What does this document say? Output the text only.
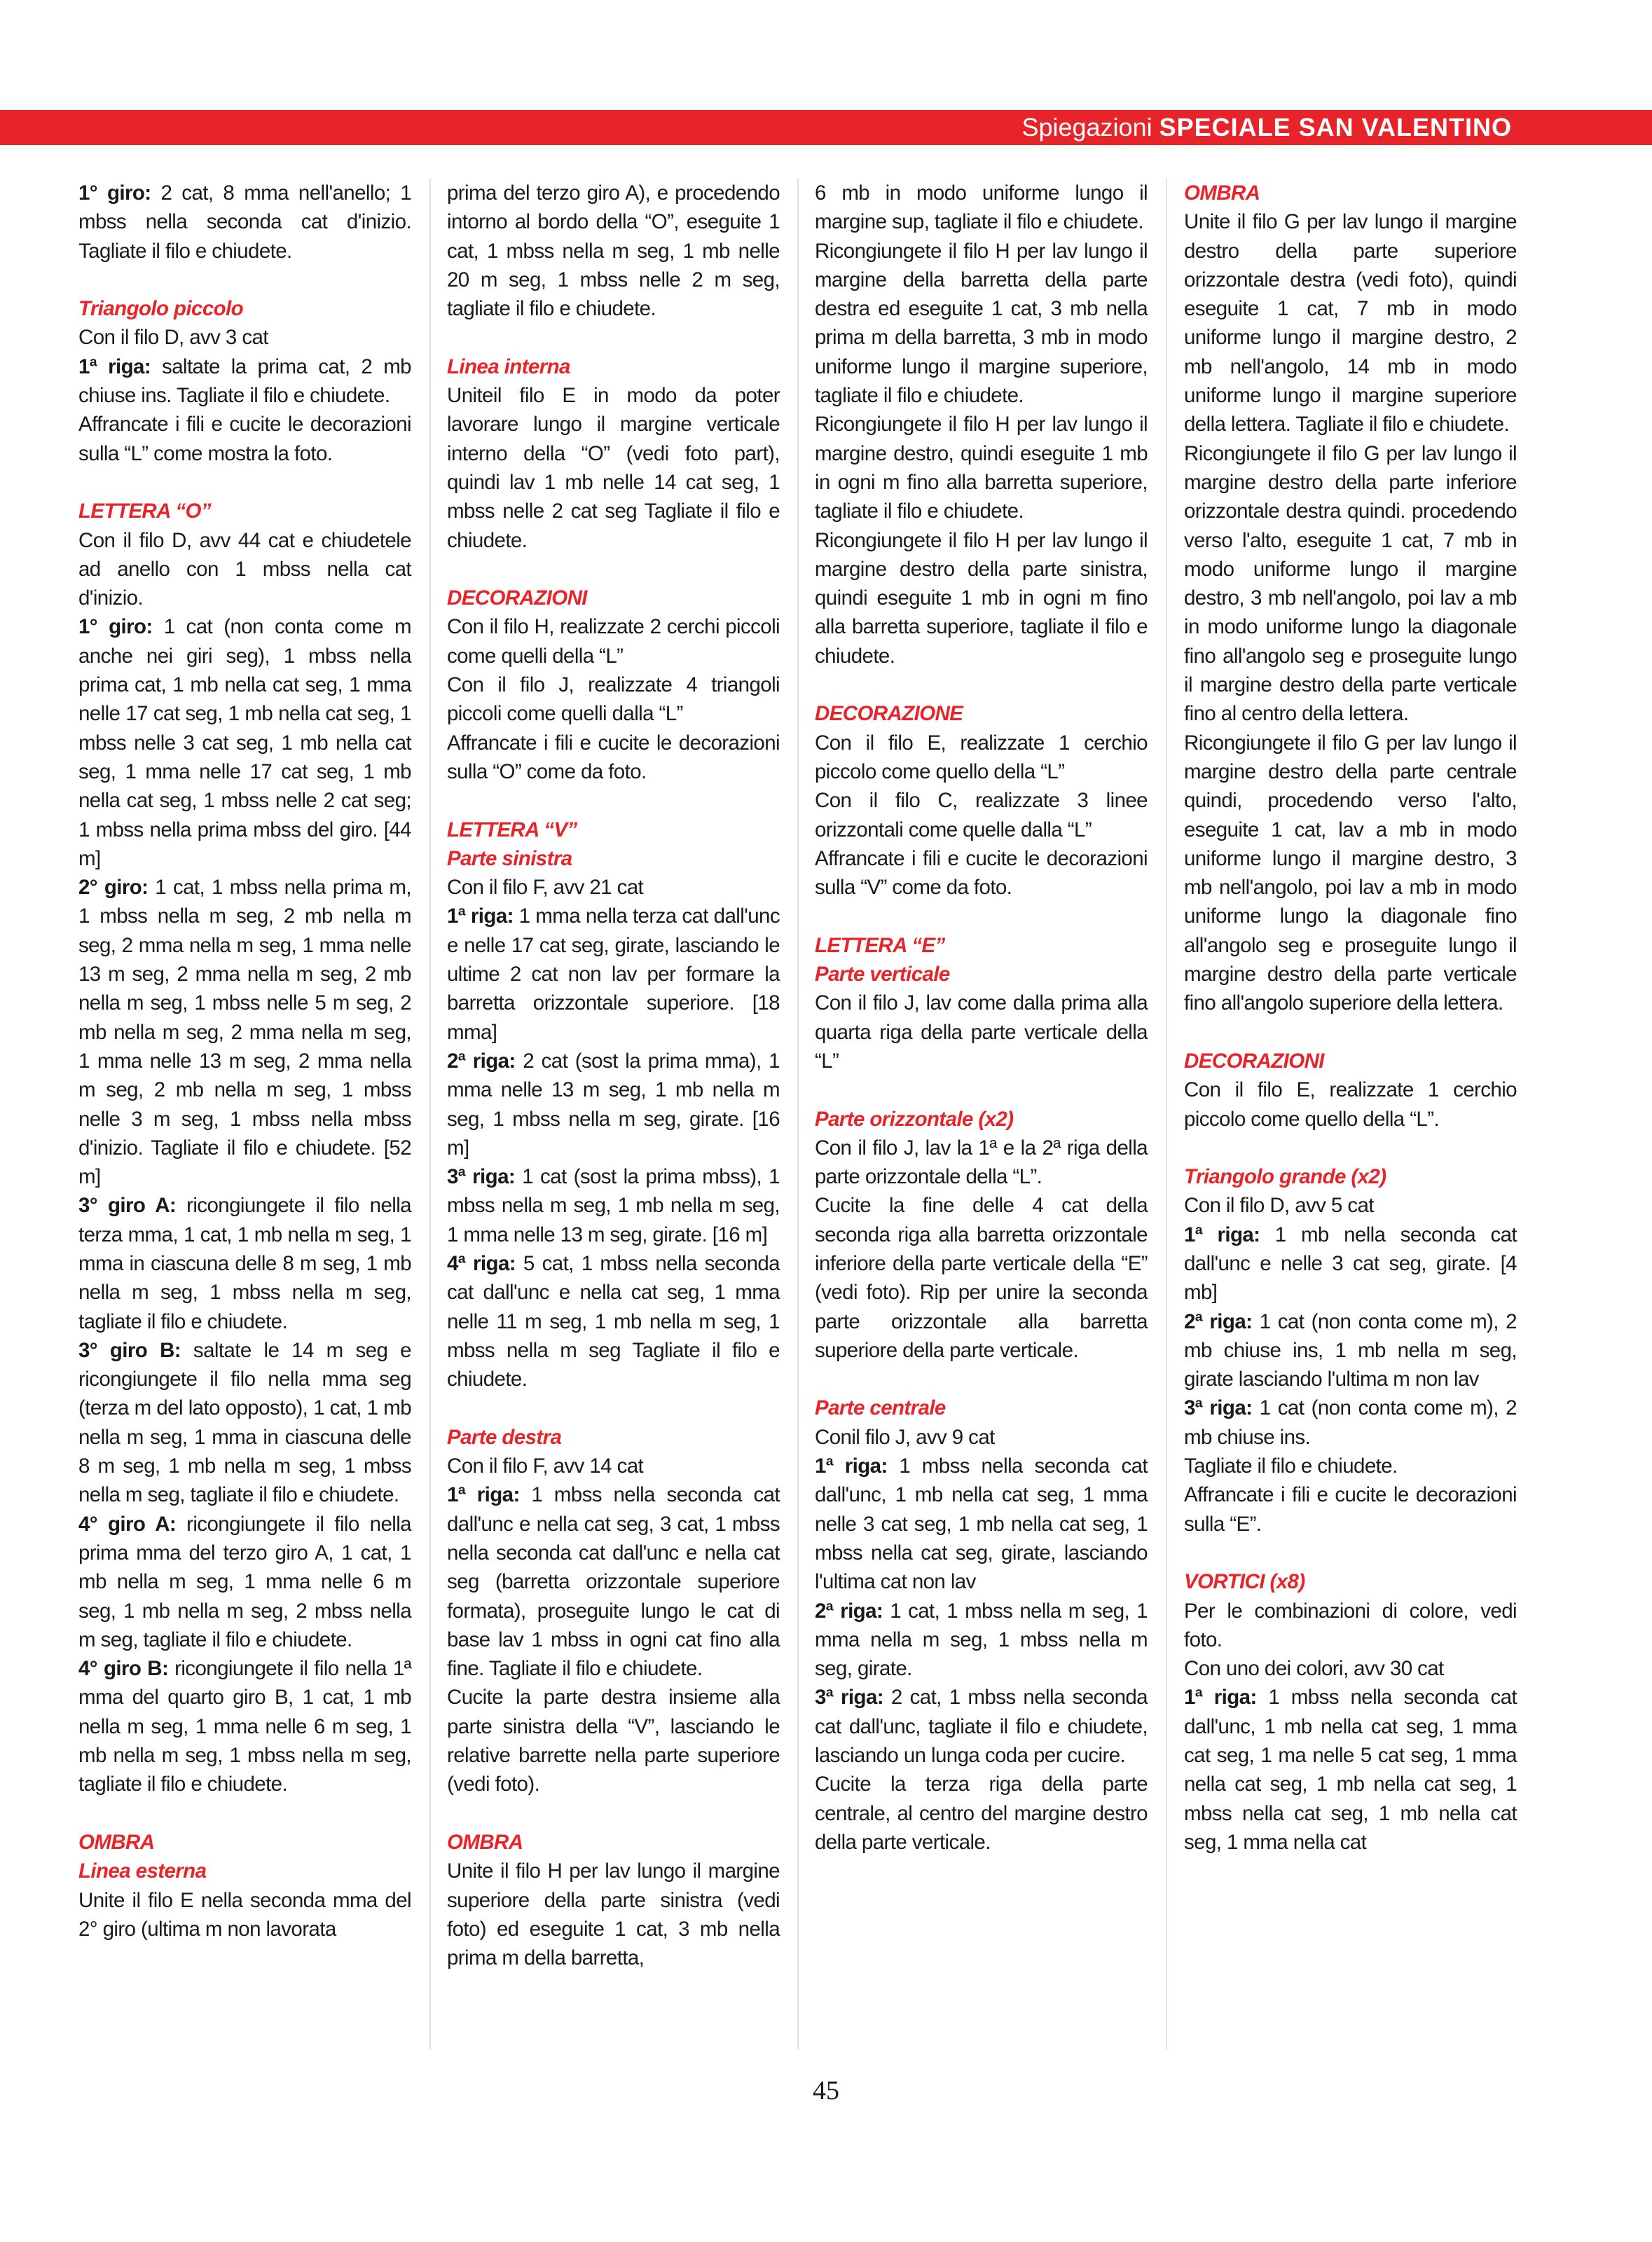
Spiegazioni SPECIALE SAN VALENTINO

1° giro: 2 cat, 8 mma nell'anello; 1 mbss nella seconda cat d'inizio. Tagliate il filo e chiudete.

Triangolo piccolo

Con il filo D, avv 3 cat

1ª riga: saltate la prima cat, 2 mb chiuse ins. Tagliate il filo e chiudete.

Affrancate i fili e cucite le decorazioni sulla “L” come mostra la foto.

LETTERA “O”

Con il filo D, avv 44 cat e chiudetele ad anello con 1 mbss nella cat d'inizio.

1° giro: 1 cat (non conta come m anche nei giri seg), 1 mbss nella prima cat, 1 mb nella cat seg, 1 mma nelle 17 cat seg, 1 mb nella cat seg, 1 mbss nelle 3 cat seg, 1 mb nella cat seg, 1 mma nelle 17 cat seg, 1 mb nella cat seg, 1 mbss nelle 2 cat seg; 1 mbss nella prima mbss del giro. [44 m]

2° giro: 1 cat, 1 mbss nella prima m, 1 mbss nella m seg, 2 mb nella m seg, 2 mma nella m seg, 1 mma nelle 13 m seg, 2 mma nella m seg, 2 mb nella m seg, 1 mbss nelle 5 m seg, 2 mb nella m seg, 2 mma nella m seg, 1 mma nelle 13 m seg, 2 mma nella m seg, 2 mb nella m seg, 1 mbss nelle 3 m seg, 1 mbss nella mbss d'inizio. Tagliate il filo e chiudete. [52 m]

3° giro A: ricongiungete il filo nella terza mma, 1 cat, 1 mb nella m seg, 1 mma in ciascuna delle 8 m seg, 1 mb nella m seg, 1 mbss nella m seg, tagliate il filo e chiudete.

3° giro B: saltate le 14 m seg e ricongiungete il filo nella mma seg (terza m del lato opposto), 1 cat, 1 mb nella m seg, 1 mma in ciascuna delle 8 m seg, 1 mb nella m seg, 1 mbss nella m seg, tagliate il filo e chiudete.

4° giro A: ricongiungete il filo nella prima mma del terzo giro A, 1 cat, 1 mb nella m seg, 1 mma nelle 6 m seg, 1 mb nella m seg, 2 mbss nella m seg, tagliate il filo e chiudete.

4° giro B: ricongiungete il filo nella 1ª mma del quarto giro B, 1 cat, 1 mb nella m seg, 1 mma nelle 6 m seg, 1 mb nella m seg, 1 mbss nella m seg, tagliate il filo e chiudete.

OMBRA

Linea esterna

Unite il filo E nella seconda mma del 2° giro (ultima m non lavorata

prima del terzo giro A), e procedendo intorno al bordo della “O”, eseguite 1 cat, 1 mbss nella m seg, 1 mb nelle 20 m seg, 1 mbss nelle 2 m seg, tagliate il filo e chiudete.

Linea interna

Uniteil filo E in modo da poter lavorare lungo il margine verticale interno della “O” (vedi foto part), quindi lav 1 mb nelle 14 cat seg, 1 mbss nelle 2 cat seg Tagliate il filo e chiudete.

DECORAZIONI

Con il filo H, realizzate 2 cerchi piccoli come quelli della “L”

Con il filo J, realizzate 4 triangoli piccoli come quelli dalla “L”

Affrancate i fili e cucite le decorazioni sulla “O” come da foto.

LETTERA “V”

Parte sinistra

Con il filo F, avv 21 cat

1ª riga: 1 mma nella terza cat dall'unc e nelle 17 cat seg, girate, lasciando le ultime 2 cat non lav per formare la barretta orizzontale superiore. [18 mma]

2ª riga: 2 cat (sost la prima mma), 1 mma nelle 13 m seg, 1 mb nella m seg, 1 mbss nella m seg, girate. [16 m]

3ª riga: 1 cat (sost la prima mbss), 1 mbss nella m seg, 1 mb nella m seg, 1 mma nelle 13 m seg, girate. [16 m]

4ª riga: 5 cat, 1 mbss nella seconda cat dall'unc e nella cat seg, 1 mma nelle 11 m seg, 1 mb nella m seg, 1 mbss nella m seg Tagliate il filo e chiudete.

Parte destra

Con il filo F, avv 14 cat

1ª riga: 1 mbss nella seconda cat dall'unc e nella cat seg, 3 cat, 1 mbss nella seconda cat dall'unc e nella cat seg (barretta orizzontale superiore formata), proseguite lungo le cat di base lav 1 mbss in ogni cat fino alla fine. Tagliate il filo e chiudete.

Cucite la parte destra insieme alla parte sinistra della “V”, lasciando le relative barrette nella parte superiore (vedi foto).

OMBRA

Unite il filo H per lav lungo il margine superiore della parte sinistra (vedi foto) ed eseguite 1 cat, 3 mb nella prima m della barretta,

6 mb in modo uniforme lungo il margine sup, tagliate il filo e chiudete.

Ricongiungete il filo H per lav lungo il margine della barretta della parte destra ed eseguite 1 cat, 3 mb nella prima m della barretta, 3 mb in modo uniforme lungo il margine superiore, tagliate il filo e chiudete.

Ricongiungete il filo H per lav lungo il margine destro, quindi eseguite 1 mb in ogni m fino alla barretta superiore, tagliate il filo e chiudete.

Ricongiungete il filo H per lav lungo il margine destro della parte sinistra, quindi eseguite 1 mb in ogni m fino alla barretta superiore, tagliate il filo e chiudete.

DECORAZIONE

Con il filo E, realizzate 1 cerchio piccolo come quello della “L”

Con il filo C, realizzate 3 linee orizzontali come quelle dalla “L”

Affrancate i fili e cucite le decorazioni sulla “V” come da foto.

LETTERA “E”

Parte verticale

Con il filo J, lav come dalla prima alla quarta riga della parte verticale della “L”

Parte orizzontale (x2)

Con il filo J, lav la 1ª e la 2ª riga della parte orizzontale della “L”.

Cucite la fine delle 4 cat della seconda riga alla barretta orizzontale inferiore della parte verticale della “E” (vedi foto). Rip per unire la seconda parte orizzontale alla barretta superiore della parte verticale.

Parte centrale

Conil filo J, avv 9 cat

1ª riga: 1 mbss nella seconda cat dall'unc, 1 mb nella cat seg, 1 mma nelle 3 cat seg, 1 mb nella cat seg, 1 mbss nella cat seg, girate, lasciando l'ultima cat non lav

2ª riga: 1 cat, 1 mbss nella m seg, 1 mma nella m seg, 1 mbss nella m seg, girate.

3ª riga: 2 cat, 1 mbss nella seconda cat dall'unc, tagliate il filo e chiudete, lasciando un lunga coda per cucire.

Cucite la terza riga della parte centrale, al centro del margine destro della parte verticale.

OMBRA

Unite il filo G per lav lungo il margine destro della parte superiore orizzontale destra (vedi foto), quindi eseguite 1 cat, 7 mb in modo uniforme lungo il margine destro, 2 mb nell'angolo, 14 mb in modo uniforme lungo il margine superiore della lettera. Tagliate il filo e chiudete.

Ricongiungete il filo G per lav lungo il margine destro della parte inferiore orizzontale destra quindi. procedendo verso l'alto, eseguite 1 cat, 7 mb in modo uniforme lungo il margine destro, 3 mb nell'angolo, poi lav a mb in modo uniforme lungo la diagonale fino all'angolo seg e proseguite lungo il margine destro della parte verticale fino al centro della lettera.

Ricongiungete il filo G per lav lungo il margine destro della parte centrale quindi, procedendo verso l'alto, eseguite 1 cat, lav a mb in modo uniforme lungo il margine destro, 3 mb nell'angolo, poi lav a mb in modo uniforme lungo la diagonale fino all'angolo seg e proseguite lungo il margine destro della parte verticale fino all'angolo superiore della lettera.

DECORAZIONI

Con il filo E, realizzate 1 cerchio piccolo come quello della “L”.

Triangolo grande (x2)

Con il filo D, avv 5 cat

1ª riga: 1 mb nella seconda cat dall'unc e nelle 3 cat seg, girate. [4 mb]

2ª riga: 1 cat (non conta come m), 2 mb chiuse ins, 1 mb nella m seg, girate lasciando l'ultima m non lav

3ª riga: 1 cat (non conta come m), 2 mb chiuse ins.

Tagliate il filo e chiudete.

Affrancate i fili e cucite le decorazioni sulla “E”.

VORTICI (x8)

Per le combinazioni di colore, vedi foto.

Con uno dei colori, avv 30 cat

1ª riga: 1 mbss nella seconda cat dall'unc, 1 mb nella cat seg, 1 mma cat seg, 1 ma nelle 5 cat seg, 1 mma nella cat seg, 1 mb nella cat seg, 1 mbss nella cat seg, 1 mb nella cat seg, 1 mma nella cat

45
